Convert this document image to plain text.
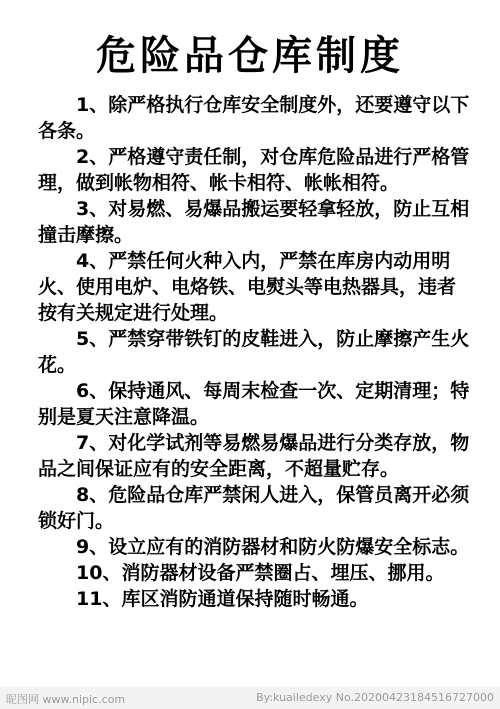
危险品仓库制度

1、除严格执行仓库安全制度外，还要遵守以下各条。

2、严格遵守责任制，对仓库危险品进行严格管理，做到帐物相符、帐卡相符、帐帐相符。

3、对易燃、易爆品搬运要轻拿轻放，防止互相撞击摩擦。

4、严禁任何火种入内，严禁在库房内动用明火、使用电炉、电烙铁、电熨头等电热器具，违者按有关规定进行处理。

5、严禁穿带铁钉的皮鞋进入，防止摩擦产生火花。

6、保持通风、每周末检查一次、定期清理；特别是夏天注意降温。

7、对化学试剂等易燃易爆品进行分类存放，物品之间保证应有的安全距离，不超量贮存。

8、危险品仓库严禁闲人进入，保管员离开必须锁好门。

9、设立应有的消防器材和防火防爆安全标志。

10、消防器材设备严禁圈占、埋压、挪用。

11、库区消防通道保持随时畅通。

昵图网 www.nipic.com	By:kuailedexy No.20200423184516727000
